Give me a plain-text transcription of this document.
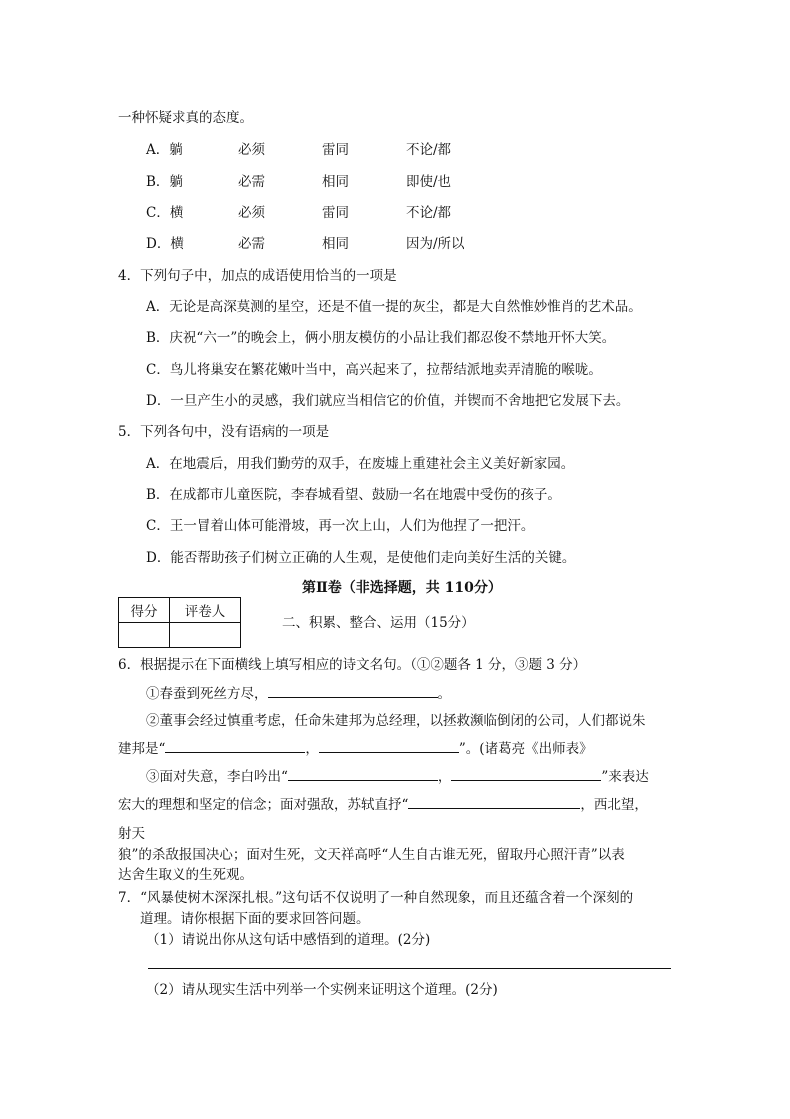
一种怀疑求真的态度。
A．躺	必须	雷同	不论/都
B．躺	必需	相同	即使/也
C．横	必须	雷同	不论/都
D．横	必需	相同	因为/所以
4．下列句子中，加点的成语使用恰当的一项是
A．无论是高深莫测的星空，还是不值一提的灰尘，都是大自然惟妙惟肖的艺术品。
B．庆祝“六一”的晚会上，俩小朋友模仿的小品让我们都忍俊不禁地开怀大笑。
C．鸟儿将巢安在繁花嫩叶当中，高兴起来了，拉帮结派地卖弄清脆的喉咙。
D．一旦产生小的灵感，我们就应当相信它的价值，并锲而不舍地把它发展下去。
5．下列各句中，没有语病的一项是
A．在地震后，用我们勤劳的双手，在废墟上重建社会主义美好新家园。
B．在成都市儿童医院，李春城看望、鼓励一名在地震中受伤的孩子。
C．王一冒着山体可能滑坡，再一次上山，人们为他捏了一把汗。
D．能否帮助孩子们树立正确的人生观，是使他们走向美好生活的关键。
第Ⅱ卷（非选择题，共 110分）
得分	评卷人

二、积累、整合、运用（15分）
6．根据提示在下面横线上填写相应的诗文名句。（①②题各 1 分，③题 3 分）
①春蚕到死丝方尽，	。
②董事会经过慎重考虑，任命朱建邦为总经理，以拯救濒临倒闭的公司，人们都说朱
建邦是“	，	”。(诸葛亮《出师表》
③面对失意，李白吟出“	，	”来表达
宏大的理想和坚定的信念；面对强敌，苏轼直抒“	，西北望，
射天
狼”的杀敌报国决心；面对生死，文天祥高呼“人生自古谁无死，留取丹心照汗青”以表
达舍生取义的生死观。
7．“风暴使树木深深扎根。”这句话不仅说明了一种自然现象，而且还蕴含着一个深刻的
道理。请你根据下面的要求回答问题。
（1）请说出你从这句话中感悟到的道理。(2分)
（2）请从现实生活中列举一个实例来证明这个道理。(2分)
